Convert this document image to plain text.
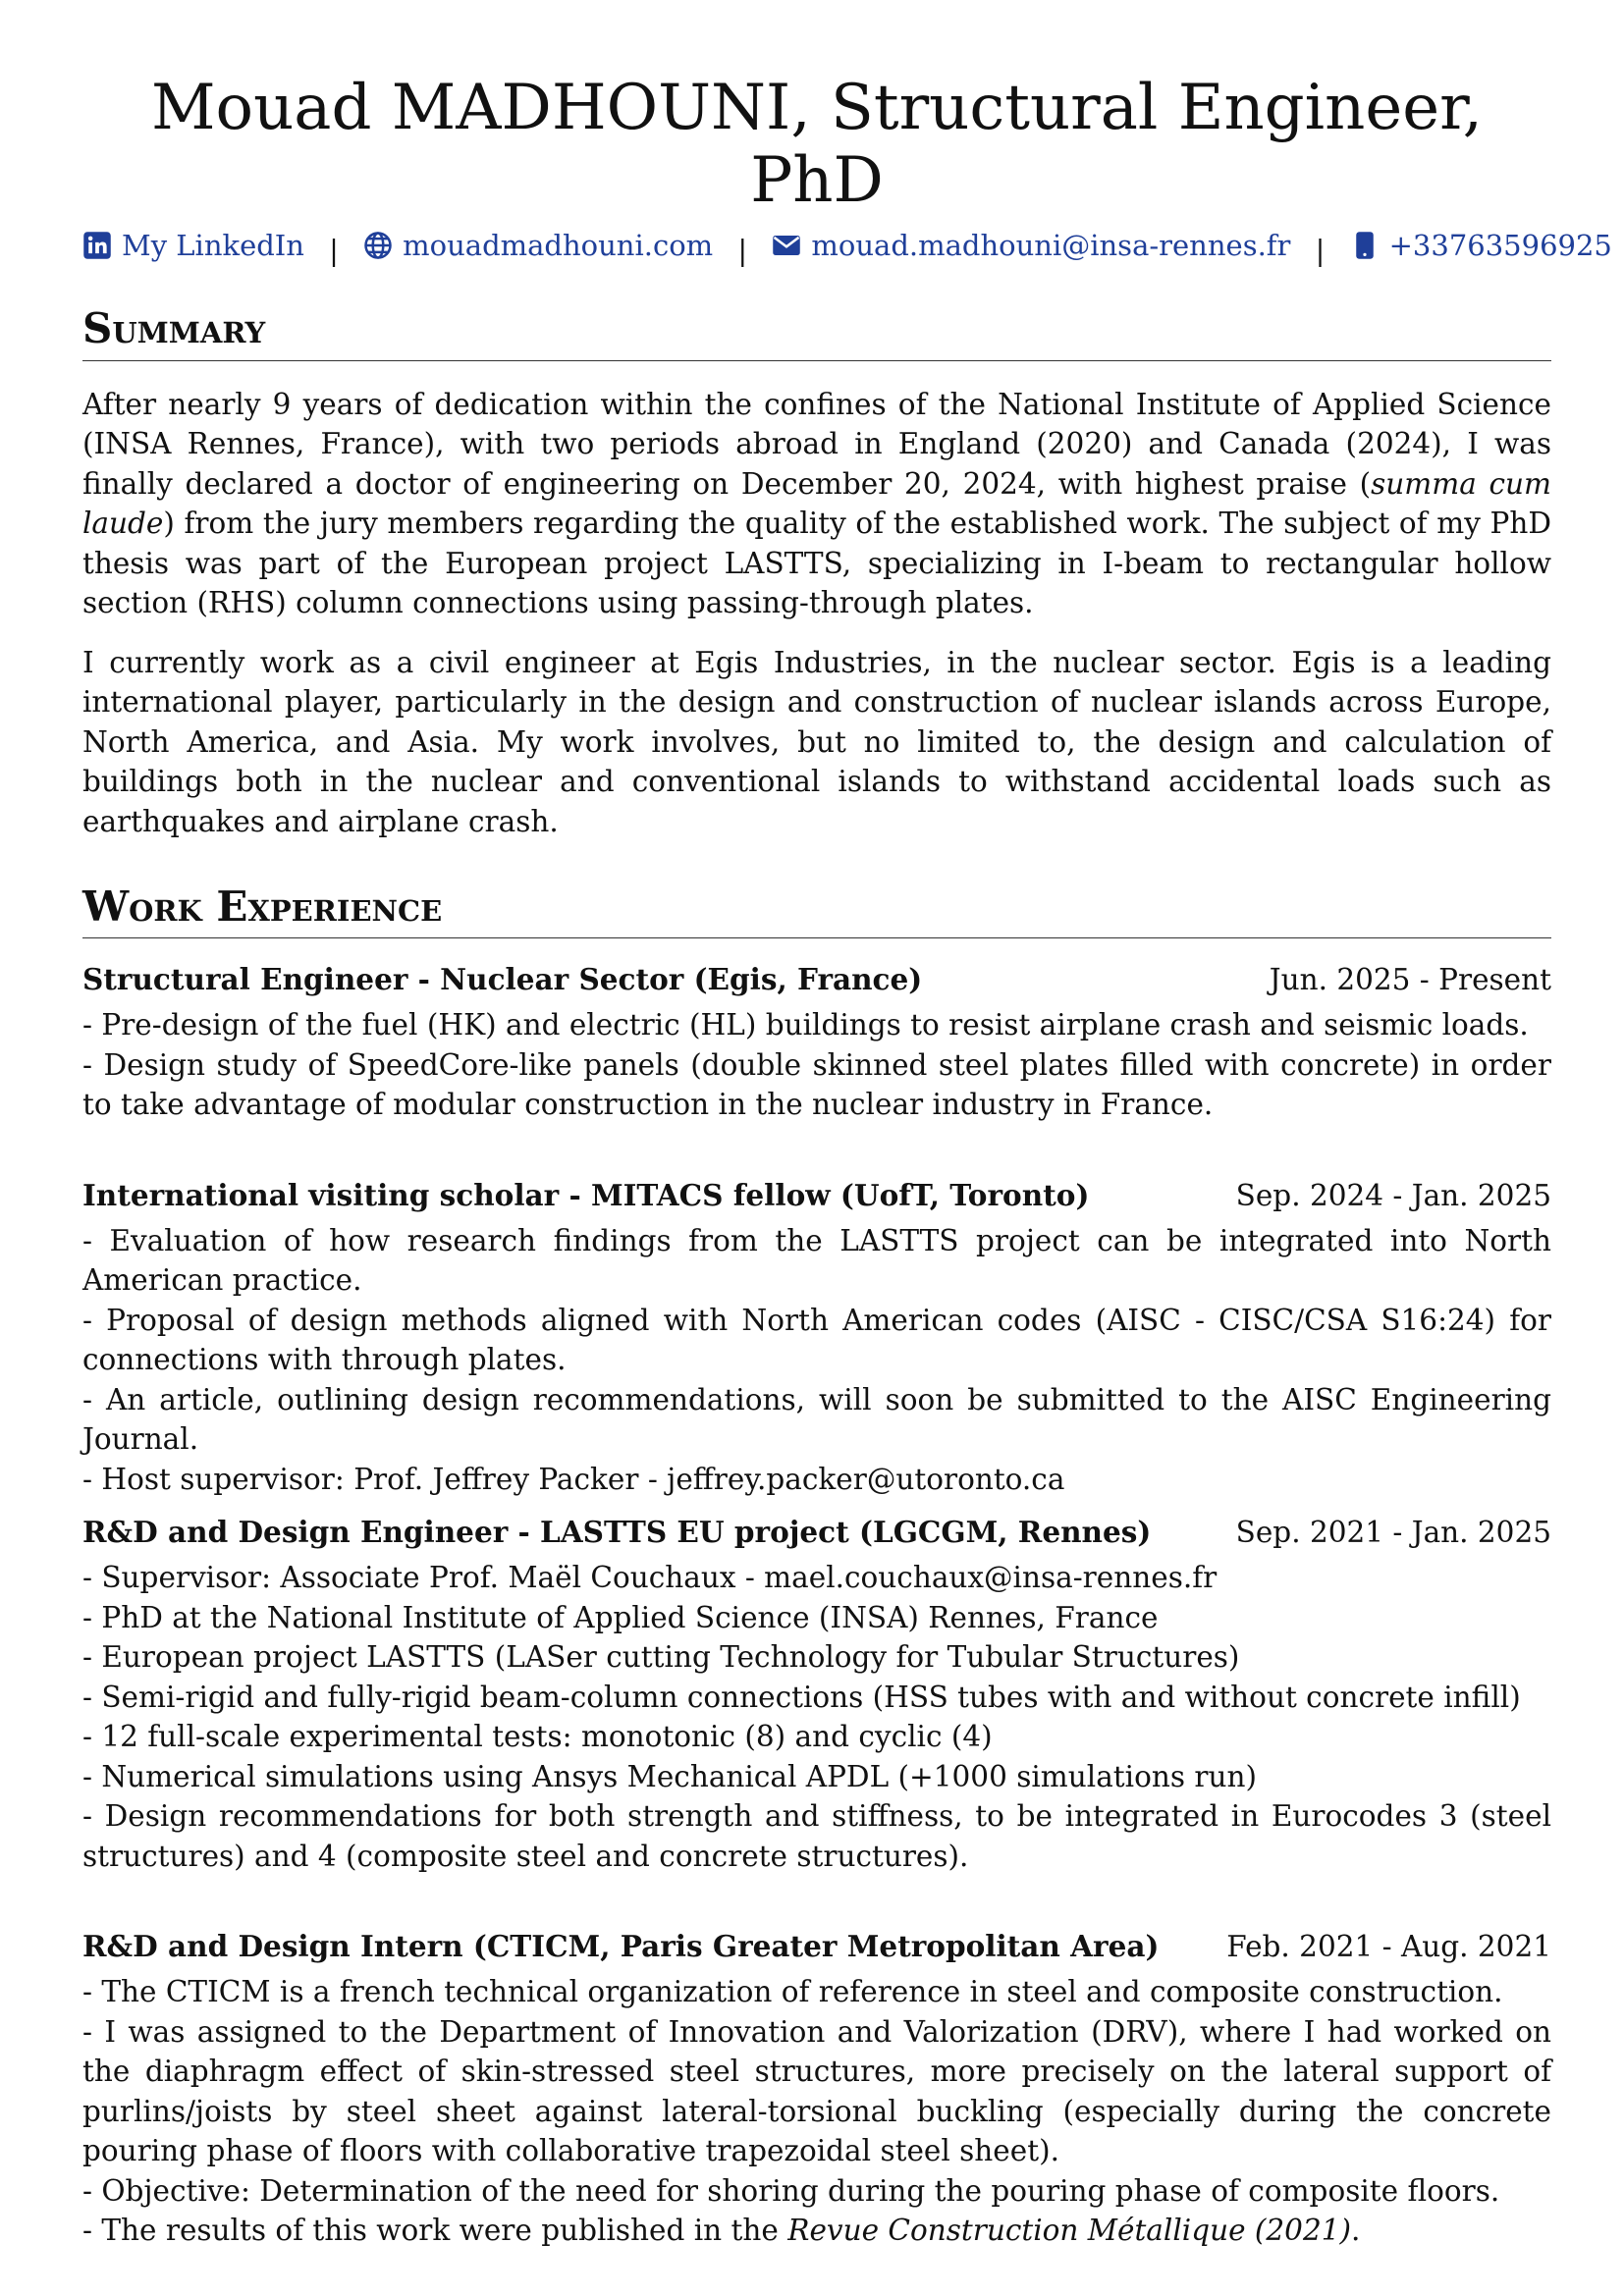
Mouad MADHOUNI, Structural Engineer, PhD
My LinkedIn | mouadmadhouni.com | mouad.madhouni@insa-rennes.fr | +33763596925
Summary

After nearly 9 years of dedication within the confines of the National Institute of Applied Science (INSA Rennes, France), with two periods abroad in England (2020) and Canada (2024), I was finally declared a doctor of engineering on December 20, 2024, with highest praise (summa cum laude) from the jury members regarding the quality of the established work. The subject of my PhD thesis was part of the European project LASTTS, specializing in I-beam to rectangular hollow section (RHS) column connections using passing-through plates.

I currently work as a civil engineer at Egis Industries, in the nuclear sector. Egis is a leading international player, particularly in the design and construction of nuclear islands across Europe, North America, and Asia. My work involves, but no limited to, the design and calculation of buildings both in the nuclear and conventional islands to withstand accidental loads such as earthquakes and airplane crash.

Work Experience
Structural Engineer - Nuclear Sector (Egis, France)	Jun. 2025 - Present
- Pre-design of the fuel (HK) and electric (HL) buildings to resist airplane crash and seismic loads.
- Design study of SpeedCore-like panels (double skinned steel plates filled with concrete) in order to take advantage of modular construction in the nuclear industry in France.
International visiting scholar - MITACS fellow (UofT, Toronto)	Sep. 2024 - Jan. 2025
- Evaluation of how research findings from the LASTTS project can be integrated into North American practice.
- Proposal of design methods aligned with North American codes (AISC - CISC/CSA S16:24) for connections with through plates.
- An article, outlining design recommendations, will soon be submitted to the AISC Engineering Journal.
- Host supervisor: Prof. Jeffrey Packer - jeffrey.packer@utoronto.ca
R&D and Design Engineer - LASTTS EU project (LGCGM, Rennes)	Sep. 2021 - Jan. 2025
- Supervisor: Associate Prof. Maël Couchaux - mael.couchaux@insa-rennes.fr
- PhD at the National Institute of Applied Science (INSA) Rennes, France
- European project LASTTS (LASer cutting Technology for Tubular Structures)
- Semi-rigid and fully-rigid beam-column connections (HSS tubes with and without concrete infill)
- 12 full-scale experimental tests: monotonic (8) and cyclic (4)
- Numerical simulations using Ansys Mechanical APDL (+1000 simulations run)
- Design recommendations for both strength and stiffness, to be integrated in Eurocodes 3 (steel structures) and 4 (composite steel and concrete structures).
R&D and Design Intern (CTICM, Paris Greater Metropolitan Area) Feb. 2021 - Aug. 2021
- The CTICM is a french technical organization of reference in steel and composite construction.
- I was assigned to the Department of Innovation and Valorization (DRV), where I had worked on the diaphragm effect of skin-stressed steel structures, more precisely on the lateral support of purlins/joists by steel sheet against lateral-torsional buckling (especially during the concrete pouring phase of floors with collaborative trapezoidal steel sheet).
- Objective: Determination of the need for shoring during the pouring phase of composite floors.
- The results of this work were published in the Revue Construction Métallique (2021).
